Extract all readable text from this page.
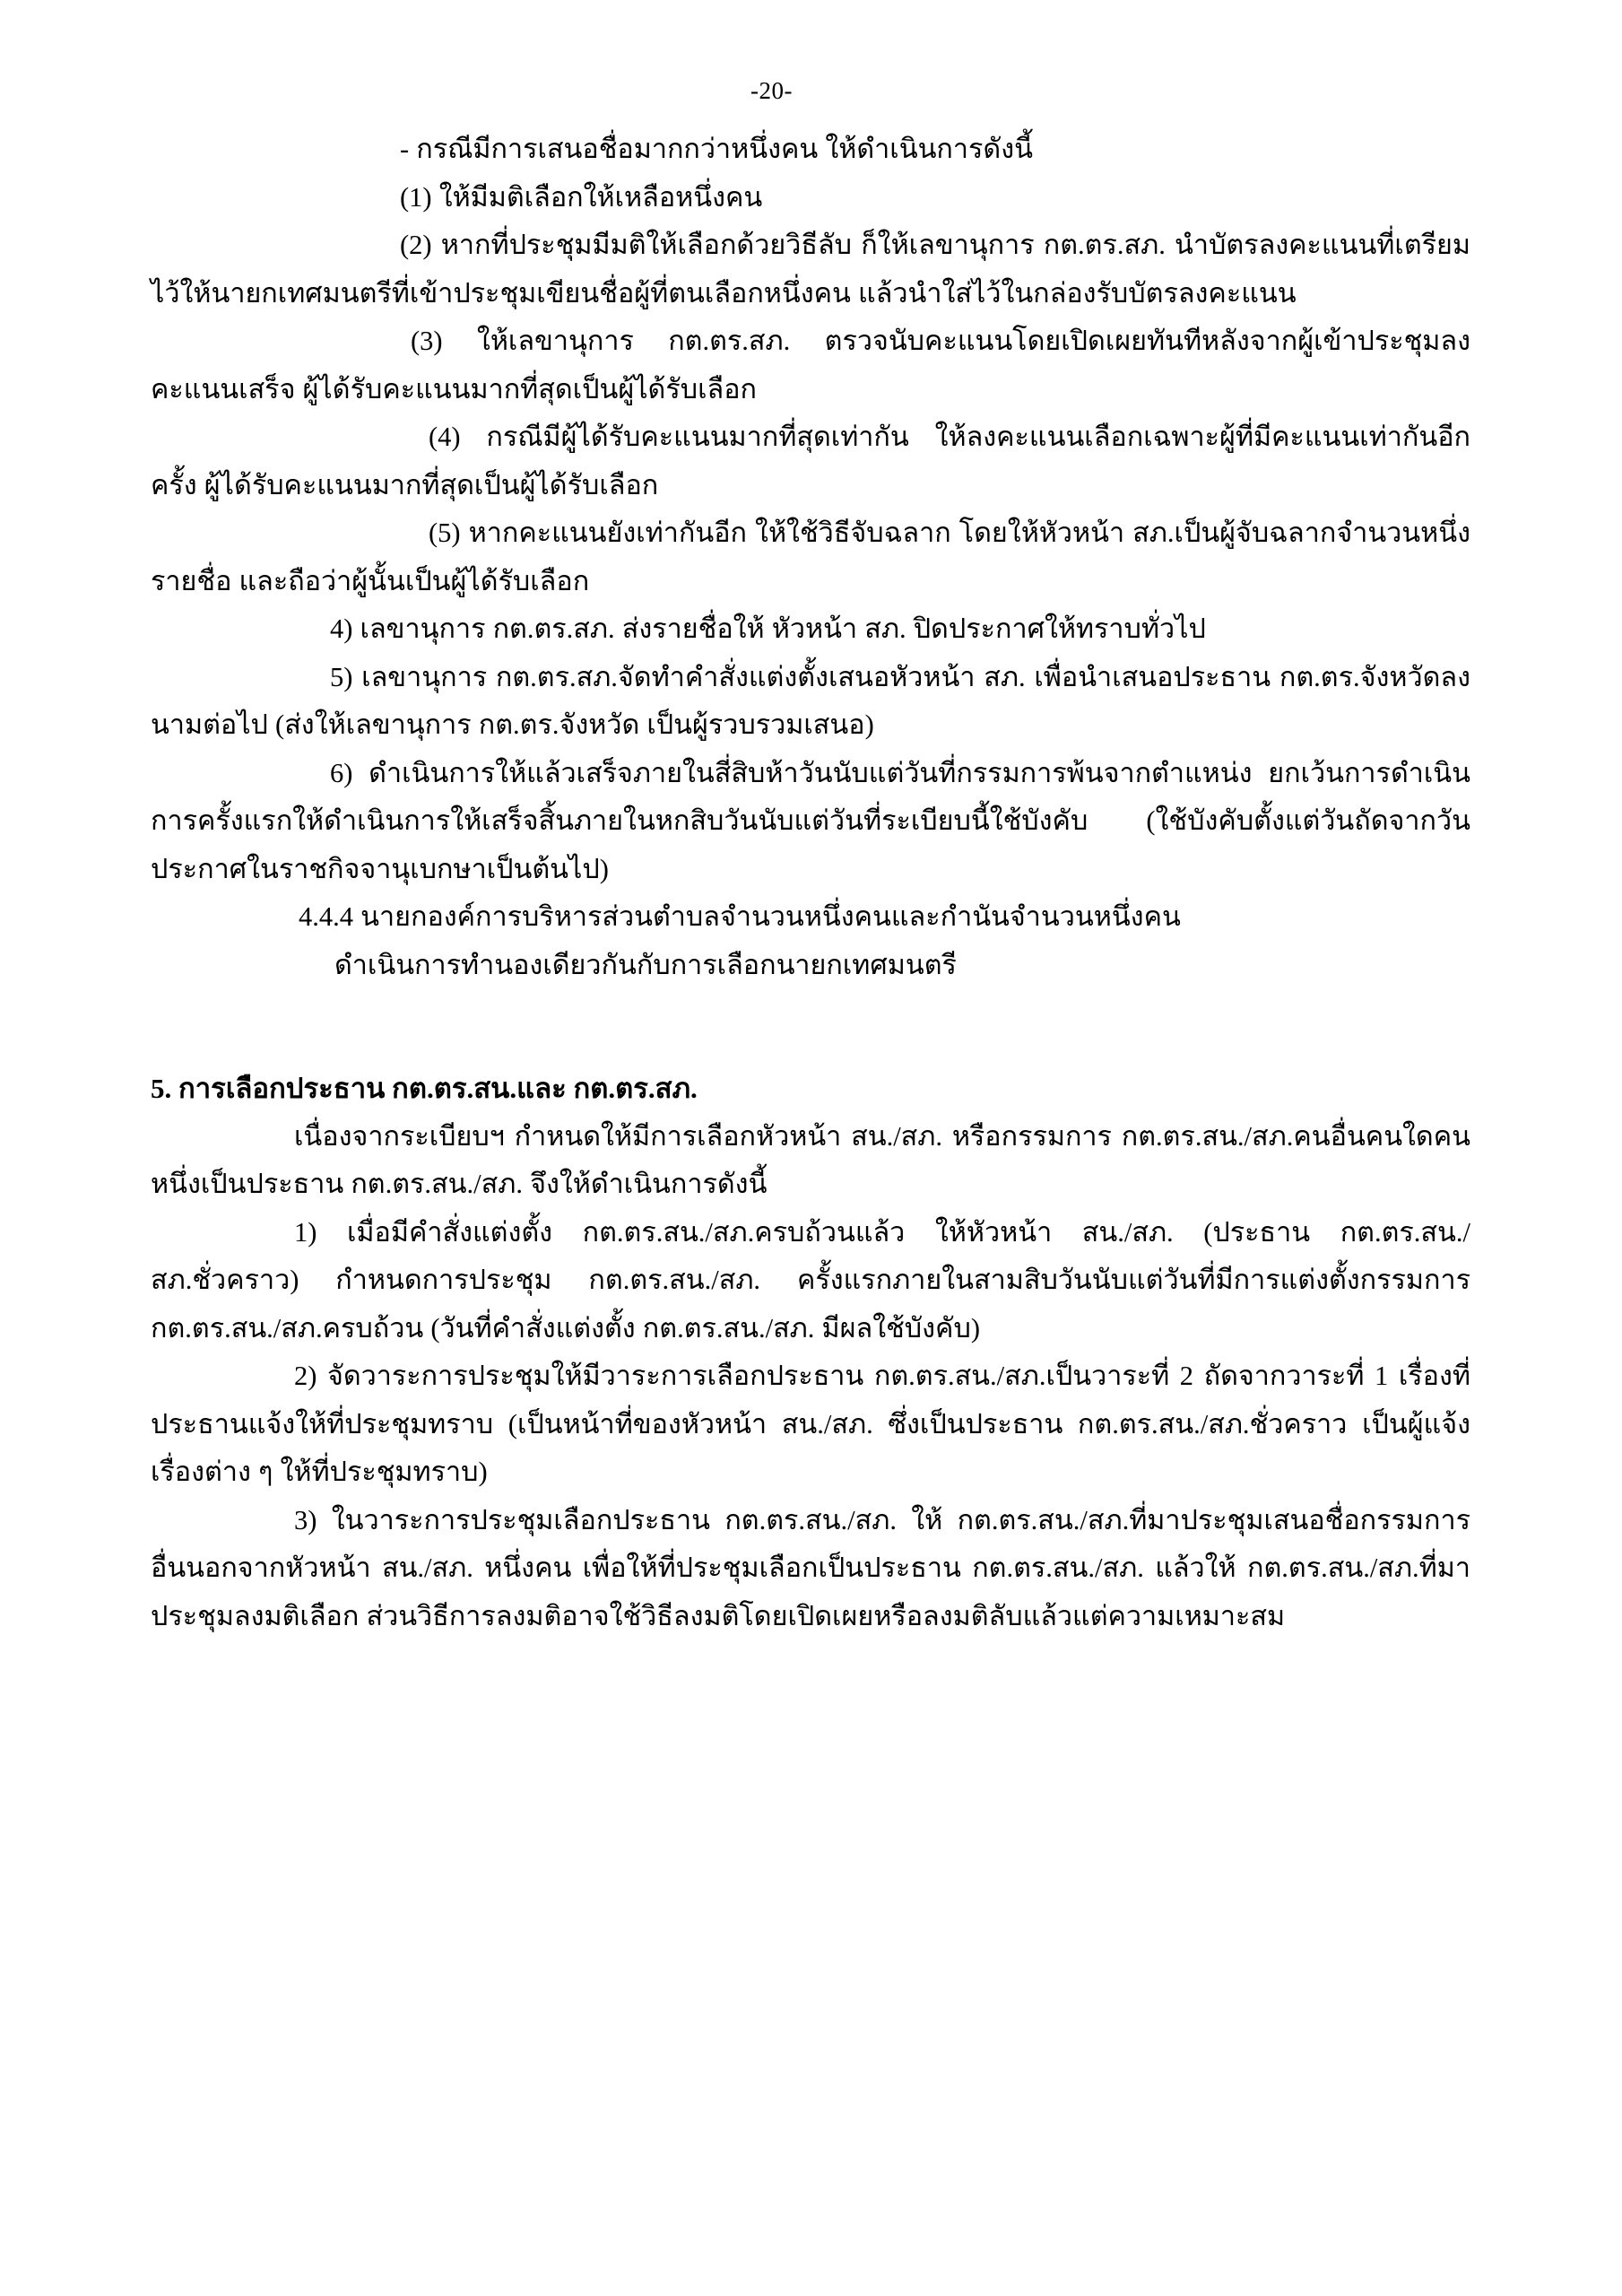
-20-

- กรณีมีการเสนอชื่อมากกว่าหนึ่งคน ให้ดำเนินการดังนี้

(1) ให้มีมติเลือกให้เหลือหนึ่งคน

(2) หากที่ประชุมมีมติให้เลือกด้วยวิธีลับ ก็ให้เลขานุการ กต.ตร.สภ. นำบัตรลงคะแนนที่เตรียมไว้ให้นายกเทศมนตรีที่เข้าประชุมเขียนชื่อผู้ที่ตนเลือกหนึ่งคน แล้วนำใส่ไว้ในกล่องรับบัตรลงคะแนน

(3) ให้เลขานุการ กต.ตร.สภ. ตรวจนับคะแนนโดยเปิดเผยทันทีหลังจากผู้เข้าประชุมลงคะแนนเสร็จ ผู้ได้รับคะแนนมากที่สุดเป็นผู้ได้รับเลือก

(4) กรณีมีผู้ได้รับคะแนนมากที่สุดเท่ากัน ให้ลงคะแนนเลือกเฉพาะผู้ที่มีคะแนนเท่ากันอีกครั้ง ผู้ได้รับคะแนนมากที่สุดเป็นผู้ได้รับเลือก

(5) หากคะแนนยังเท่ากันอีก ให้ใช้วิธีจับฉลาก โดยให้หัวหน้า สภ.เป็นผู้จับฉลากจำนวนหนึ่งรายชื่อ และถือว่าผู้นั้นเป็นผู้ได้รับเลือก

4) เลขานุการ กต.ตร.สภ. ส่งรายชื่อให้ หัวหน้า สภ. ปิดประกาศให้ทราบทั่วไป

5) เลขานุการ กต.ตร.สภ.จัดทำคำสั่งแต่งตั้งเสนอหัวหน้า สภ. เพื่อนำเสนอประธาน กต.ตร.จังหวัดลงนามต่อไป (ส่งให้เลขานุการ กต.ตร.จังหวัด เป็นผู้รวบรวมเสนอ)

6) ดำเนินการให้แล้วเสร็จภายในสี่สิบห้าวันนับแต่วันที่กรรมการพ้นจากตำแหน่ง ยกเว้นการดำเนินการครั้งแรกให้ดำเนินการให้เสร็จสิ้นภายในหกสิบวันนับแต่วันที่ระเบียบนี้ใช้บังคับ (ใช้บังคับตั้งแต่วันถัดจากวันประกาศในราชกิจจานุเบกษาเป็นต้นไป)

4.4.4 นายกองค์การบริหารส่วนตำบลจำนวนหนึ่งคนและกำนันจำนวนหนึ่งคน

ดำเนินการทำนองเดียวกันกับการเลือกนายกเทศมนตรี

5. การเลือกประธาน กต.ตร.สน.และ กต.ตร.สภ.

เนื่องจากระเบียบฯ กำหนดให้มีการเลือกหัวหน้า สน./สภ. หรือกรรมการ กต.ตร.สน./สภ.คนอื่นคนใดคนหนึ่งเป็นประธาน กต.ตร.สน./สภ. จึงให้ดำเนินการดังนี้

1) เมื่อมีคำสั่งแต่งตั้ง กต.ตร.สน./สภ.ครบถ้วนแล้ว ให้หัวหน้า สน./สภ. (ประธาน กต.ตร.สน./สภ.ชั่วคราว) กำหนดการประชุม กต.ตร.สน./สภ. ครั้งแรกภายในสามสิบวันนับแต่วันที่มีการแต่งตั้งกรรมการ กต.ตร.สน./สภ.ครบถ้วน (วันที่คำสั่งแต่งตั้ง กต.ตร.สน./สภ. มีผลใช้บังคับ)

2) จัดวาระการประชุมให้มีวาระการเลือกประธาน กต.ตร.สน./สภ.เป็นวาระที่ 2 ถัดจากวาระที่ 1 เรื่องที่ประธานแจ้งให้ที่ประชุมทราบ (เป็นหน้าที่ของหัวหน้า สน./สภ. ซึ่งเป็นประธาน กต.ตร.สน./สภ.ชั่วคราว เป็นผู้แจ้งเรื่องต่าง ๆ ให้ที่ประชุมทราบ)

3) ในวาระการประชุมเลือกประธาน กต.ตร.สน./สภ. ให้ กต.ตร.สน./สภ.ที่มาประชุมเสนอชื่อกรรมการอื่นนอกจากหัวหน้า สน./สภ. หนึ่งคน เพื่อให้ที่ประชุมเลือกเป็นประธาน กต.ตร.สน./สภ. แล้วให้ กต.ตร.สน./สภ.ที่มาประชุมลงมติเลือก ส่วนวิธีการลงมติอาจใช้วิธีลงมติโดยเปิดเผยหรือลงมติลับแล้วแต่ความเหมาะสม
